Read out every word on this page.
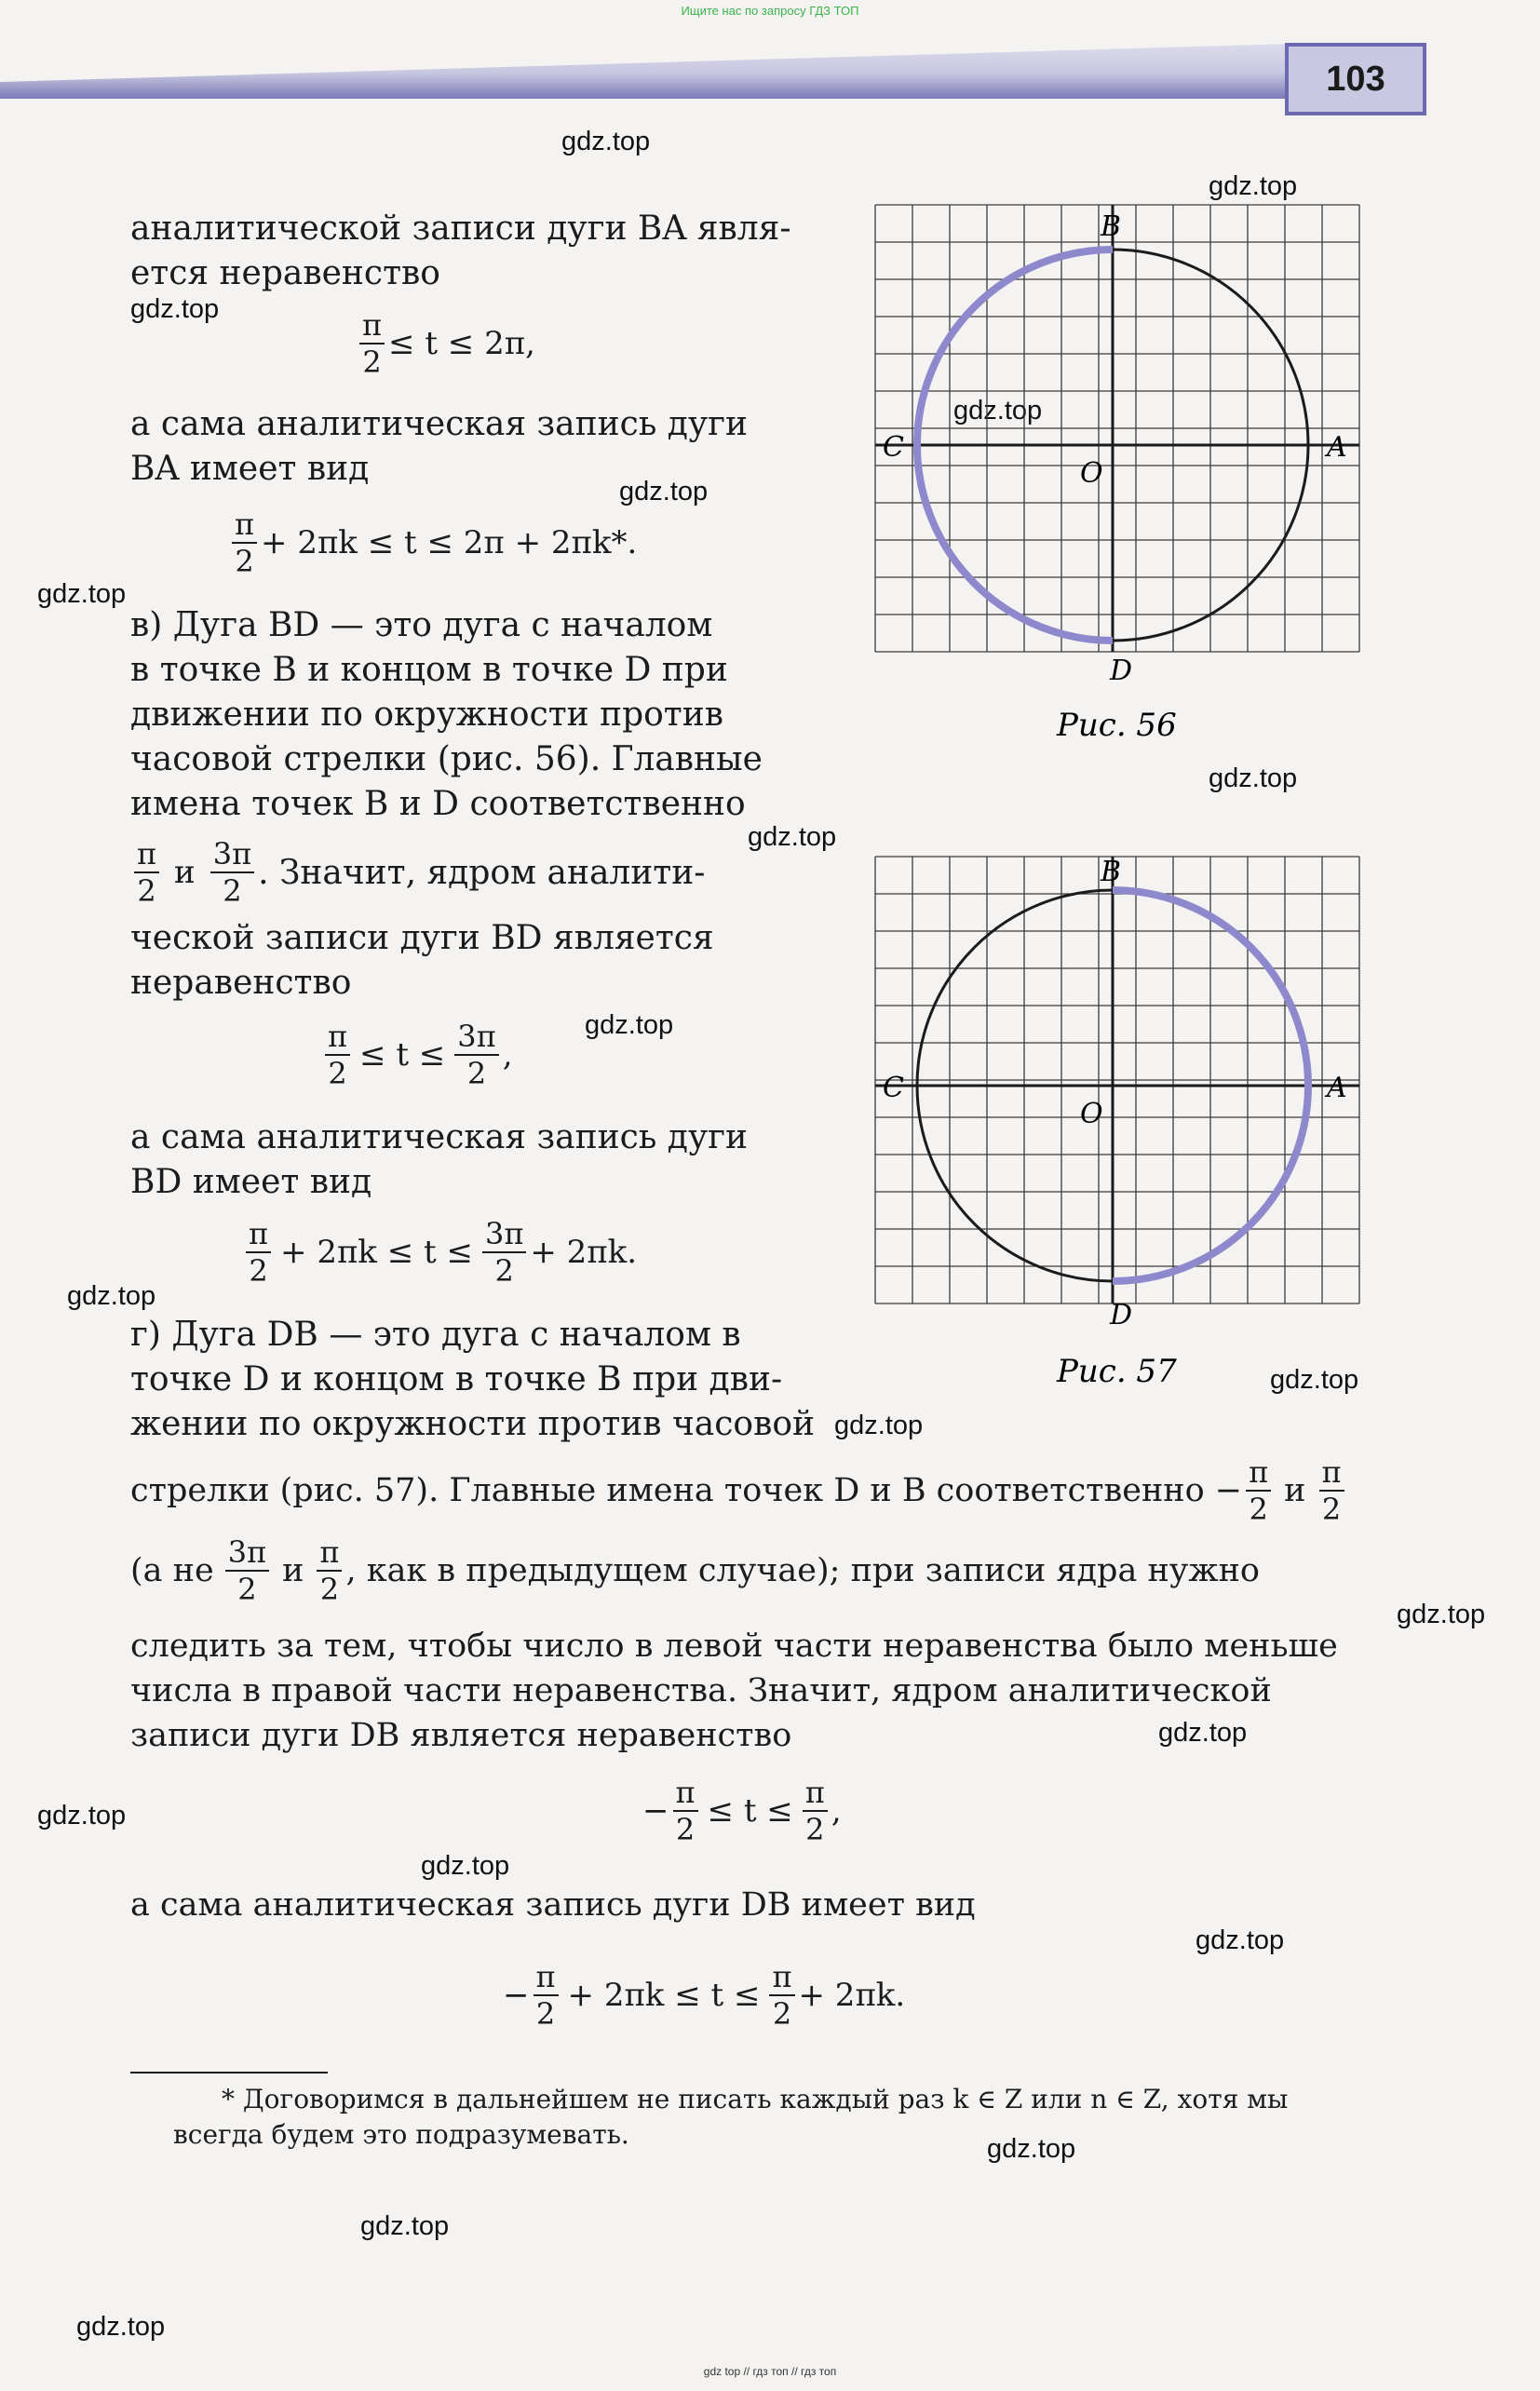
Ищите нас по запросу ГДЗ ТОП
103
gdz.top
gdz.top
gdz.top
gdz.top
gdz.top
gdz.top
gdz.top
gdz.top
gdz.top
gdz.top
gdz.top
gdz.top
gdz.top
gdz.top
gdz.top
gdz.top
gdz.top
gdz.top
gdz.top
gdz.top
аналитической записи дуги BA явля-
ется неравенство
$\frac{\pi}{2} \le t \le 2\pi$,
а сама аналитическая запись дуги
BA имеет вид
$\frac{\pi}{2} + 2\pi k \le t \le 2\pi + 2\pi k*$.
в) Дуга BD — это дуга с началом
в точке B и концом в точке D при
движении по окружности против
часовой стрелки (рис. 56). Главные
имена точек B и D соответственно
$\frac{\pi}{2}$ и $\frac{3\pi}{2}$ . Значит, ядром аналити-
ческой записи дуги BD является
неравенство
$\frac{\pi}{2} \le t \le \frac{3\pi}{2}$ ,
а сама аналитическая запись дуги
BD имеет вид
$\frac{\pi}{2} + 2\pi k \le t \le \frac{3\pi}{2} + 2\pi k$.
г) Дуга DB — это дуга с началом в
точке D и концом в точке B при дви-
жении по окружности против часовой
стрелки (рис. 57). Главные имена точек D и B соответственно − $\frac{\pi}{2}$ и $\frac{\pi}{2}$
(а не $\frac{3\pi}{2}$ и $\frac{\pi}{2}$ , как в предыдущем случае); при записи ядра нужно
следить за тем, чтобы число в левой части неравенства было меньше
числа в правой части неравенства. Значит, ядром аналитической
записи дуги DB является неравенство
− $\frac{\pi}{2} \le t \le \frac{\pi}{2}$ ,
а сама аналитическая запись дуги DB имеет вид
− $\frac{\pi}{2} + 2\pi k \le t \le \frac{\pi}{2} + 2\pi k$.
* Договоримся в дальнейшем не писать каждый раз k ∈ Z или n ∈ Z, хотя мы
всегда будем это подразумевать.
B
A
C
O
D
Рис. 56
B
A
C
O
D
Рис. 57
gdz top // гдз топ // гдз топ
